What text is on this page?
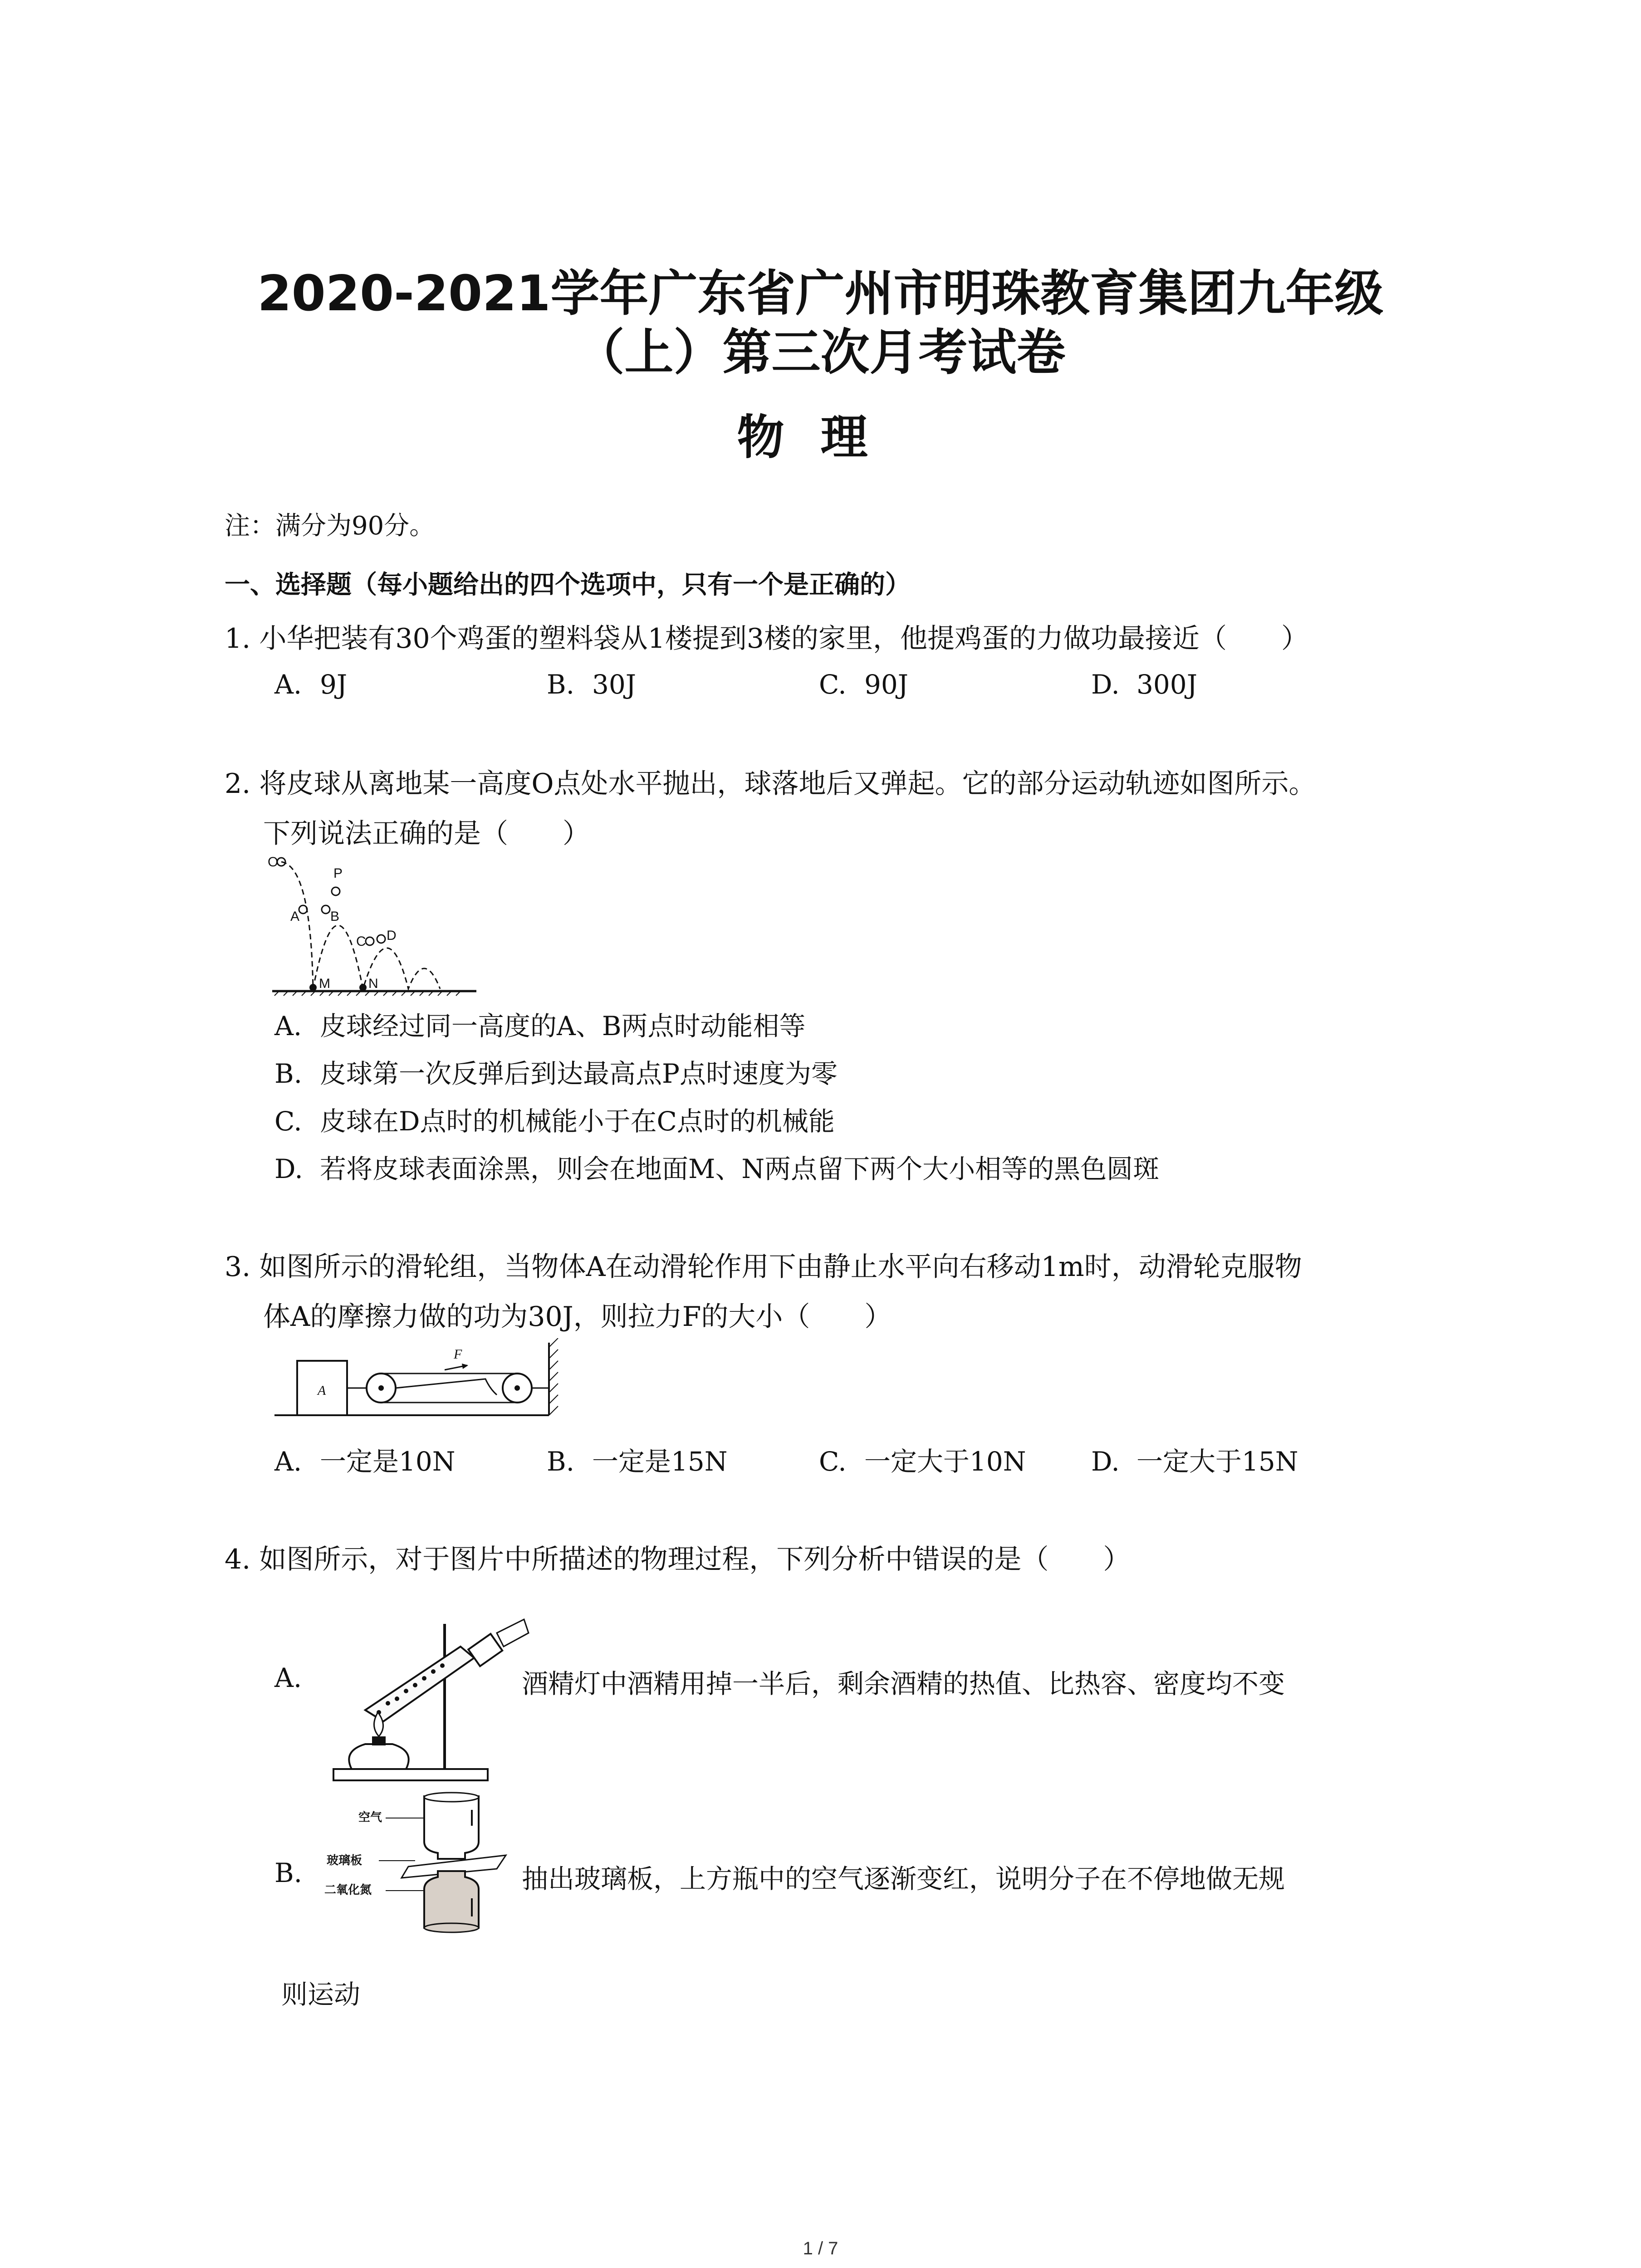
2020-2021学年广东省广州市明珠教育集团九年级
（上）第三次月考试卷
物理
注：满分为90分。
一、选择题（每小题给出的四个选项中，只有一个是正确的）
1. 小华把装有30个鸡蛋的塑料袋从1楼提到3楼的家里，他提鸡蛋的力做功最接近（　　）
A. 9J	B. 30J	C. 90J	D. 300J
2. 将皮球从离地某一高度O点处水平抛出，球落地后又弹起。它的部分运动轨迹如图所示。
下列说法正确的是（　　）
O
P
A B
C D
M	N
A. 皮球经过同一高度的A、B两点时动能相等
B. 皮球第一次反弹后到达最高点P点时速度为零
C. 皮球在D点时的机械能小于在C点时的机械能
D. 若将皮球表面涂黑，则会在地面M、N两点留下两个大小相等的黑色圆斑
3. 如图所示的滑轮组，当物体A在动滑轮作用下由静止水平向右移动1m时，动滑轮克服物
体A的摩擦力做的功为30J，则拉力F的大小（　　）
A
F
A. 一定是10N	B. 一定是15N	C. 一定大于10N D. 一定大于15N
4. 如图所示，对于图片中所描述的物理过程，下列分析中错误的是（　　）
A.	酒精灯中酒精用掉一半后，剩余酒精的热值、比热容、密度均不变
B.
空气
玻璃板
二氧化氮	抽出玻璃板，上方瓶中的空气逐渐变红，说明分子在不停地做无规
则运动
1 / 7
